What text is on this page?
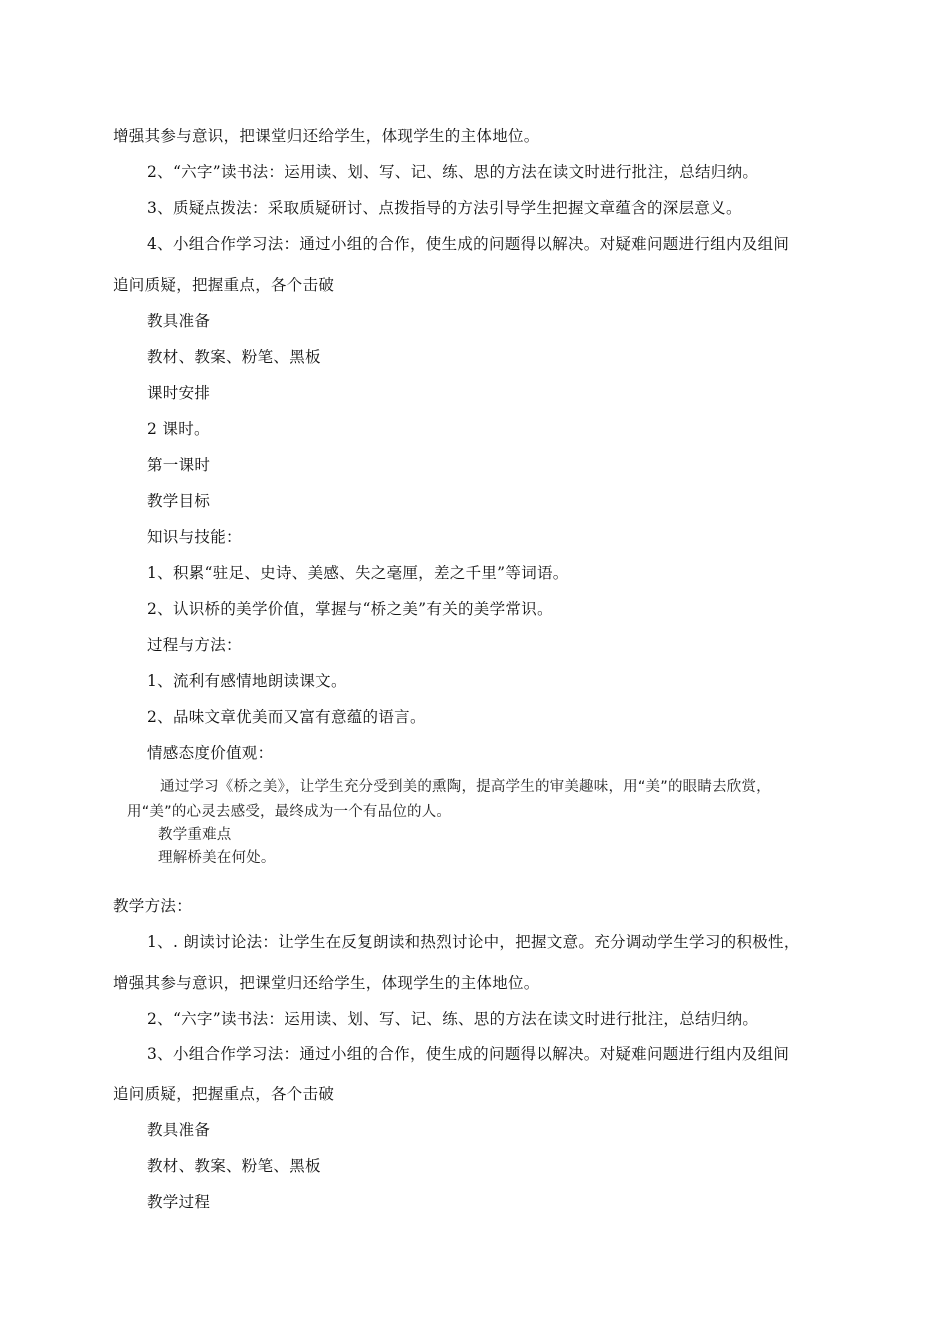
增强其参与意识，把课堂归还给学生，体现学生的主体地位。
2、“六字”读书法：运用读、划、写、记、练、思的方法在读文时进行批注，总结归纳。
3、质疑点拨法：采取质疑研讨、点拨指导的方法引导学生把握文章蕴含的深层意义。
4、小组合作学习法：通过小组的合作，使生成的问题得以解决。对疑难问题进行组内及组间
追问质疑，把握重点，各个击破
教具准备
教材、教案、粉笔、黑板
课时安排
2 课时。
第一课时
教学目标
知识与技能：
1、积累“驻足、史诗、美感、失之毫厘，差之千里”等词语。
2、认识桥的美学价值，掌握与“桥之美”有关的美学常识。
过程与方法：
1、流利有感情地朗读课文。
2、品味文章优美而又富有意蕴的语言。
情感态度价值观：
通过学习《桥之美》，让学生充分受到美的熏陶，提高学生的审美趣味，用“美”的眼睛去欣赏，
用“美”的心灵去感受，最终成为一个有品位的人。
教学重难点
理解桥美在何处。
教学方法：
1、. 朗读讨论法：让学生在反复朗读和热烈讨论中，把握文意。充分调动学生学习的积极性，
增强其参与意识，把课堂归还给学生，体现学生的主体地位。
2、“六字”读书法：运用读、划、写、记、练、思的方法在读文时进行批注，总结归纳。
3、小组合作学习法：通过小组的合作，使生成的问题得以解决。对疑难问题进行组内及组间
追问质疑，把握重点，各个击破
教具准备
教材、教案、粉笔、黑板
教学过程
